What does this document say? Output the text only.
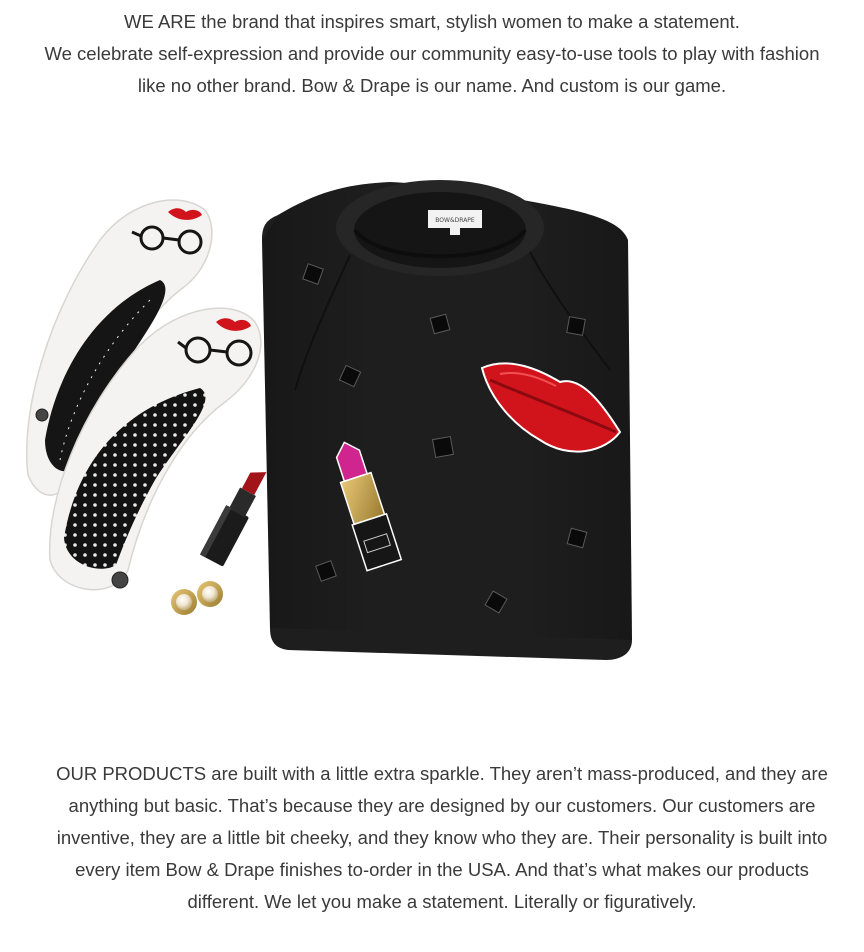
WE ARE the brand that inspires smart, stylish women to make a statement.

We celebrate self-expression and provide our community easy-to-use tools to play with fashion

like no other brand. Bow & Drape is our name. And custom is our game.

BOW&DRAPE

OUR PRODUCTS are built with a little extra sparkle. They aren’t mass-produced, and they are anything but basic. That’s because they are designed by our customers. Our customers are inventive, they are a little bit cheeky, and they know who they are. Their personality is built into every item Bow & Drape finishes to-order in the USA. And that’s what makes our products different. We let you make a statement. Literally or figuratively.
